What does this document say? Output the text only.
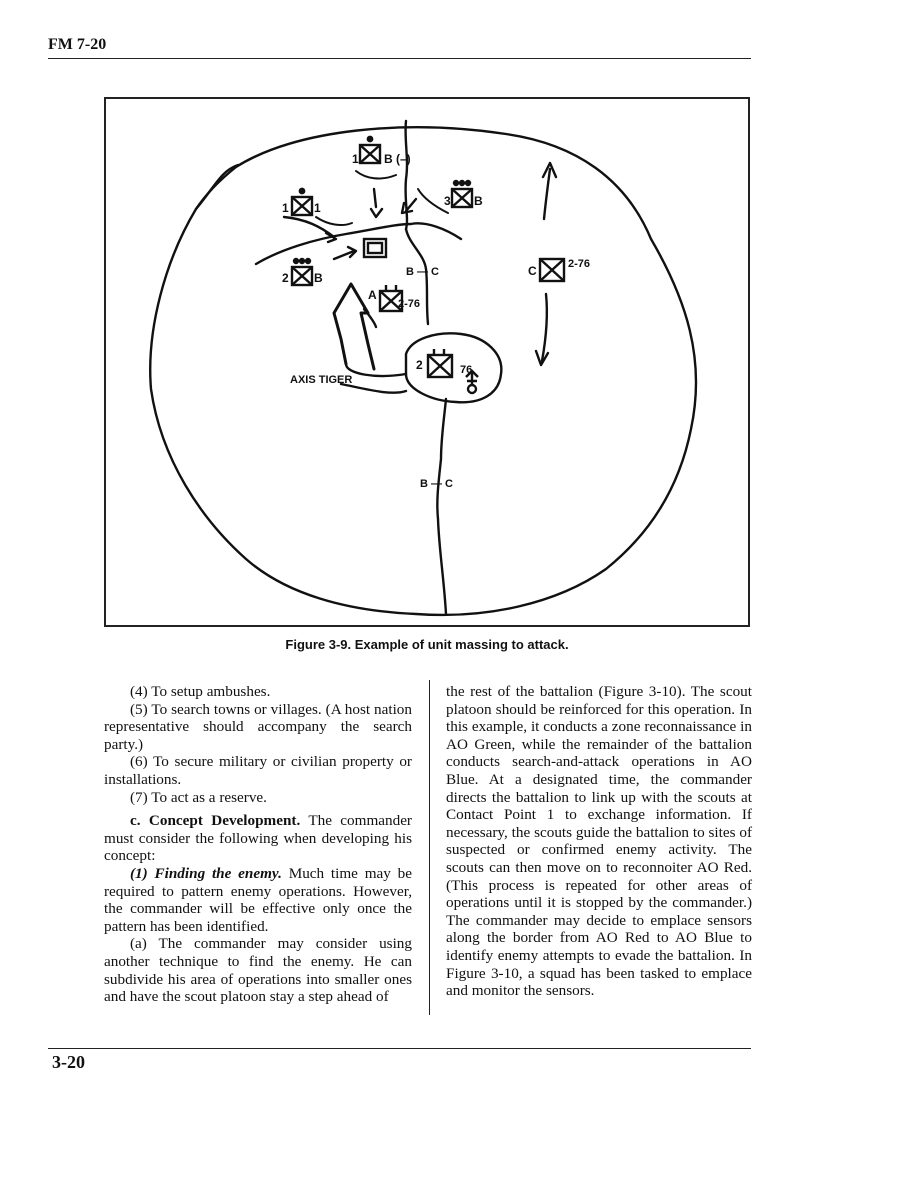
FM 7-20
1 B (–)
1 1	3 B
2 B
A
2-76
C	2-76
2	76
B — C
B — C
AXIS TIGER
Figure 3-9. Example of unit massing to attack.

(4) To setup ambushes.

(5) To search towns or villages. (A host nation representative should accompany the search party.)

(6) To secure military or civilian property or installations.

(7) To act as a reserve.

c. Concept Development. The commander must consider the following when developing his concept:

(1) Finding the enemy. Much time may be required to pattern enemy operations. However, the commander will be effective only once the pattern has been identified.

(a) The commander may consider using another technique to find the enemy. He can subdivide his area of operations into smaller ones and have the scout platoon stay a step ahead of

the rest of the battalion (Figure 3-10). The scout platoon should be reinforced for this operation. In this example, it conducts a zone reconnaissance in AO Green, while the remainder of the battalion conducts search-and-attack operations in AO Blue. At a designated time, the commander directs the battalion to link up with the scouts at Contact Point 1 to exchange information. If necessary, the scouts guide the battalion to sites of suspected or confirmed enemy activity. The scouts can then move on to reconnoiter AO Red. (This process is repeated for other areas of operations until it is stopped by the commander.) The commander may decide to emplace sensors along the border from AO Red to AO Blue to identify enemy attempts to evade the battalion. In Figure 3-10, a squad has been tasked to emplace and monitor the sensors.

3-20
